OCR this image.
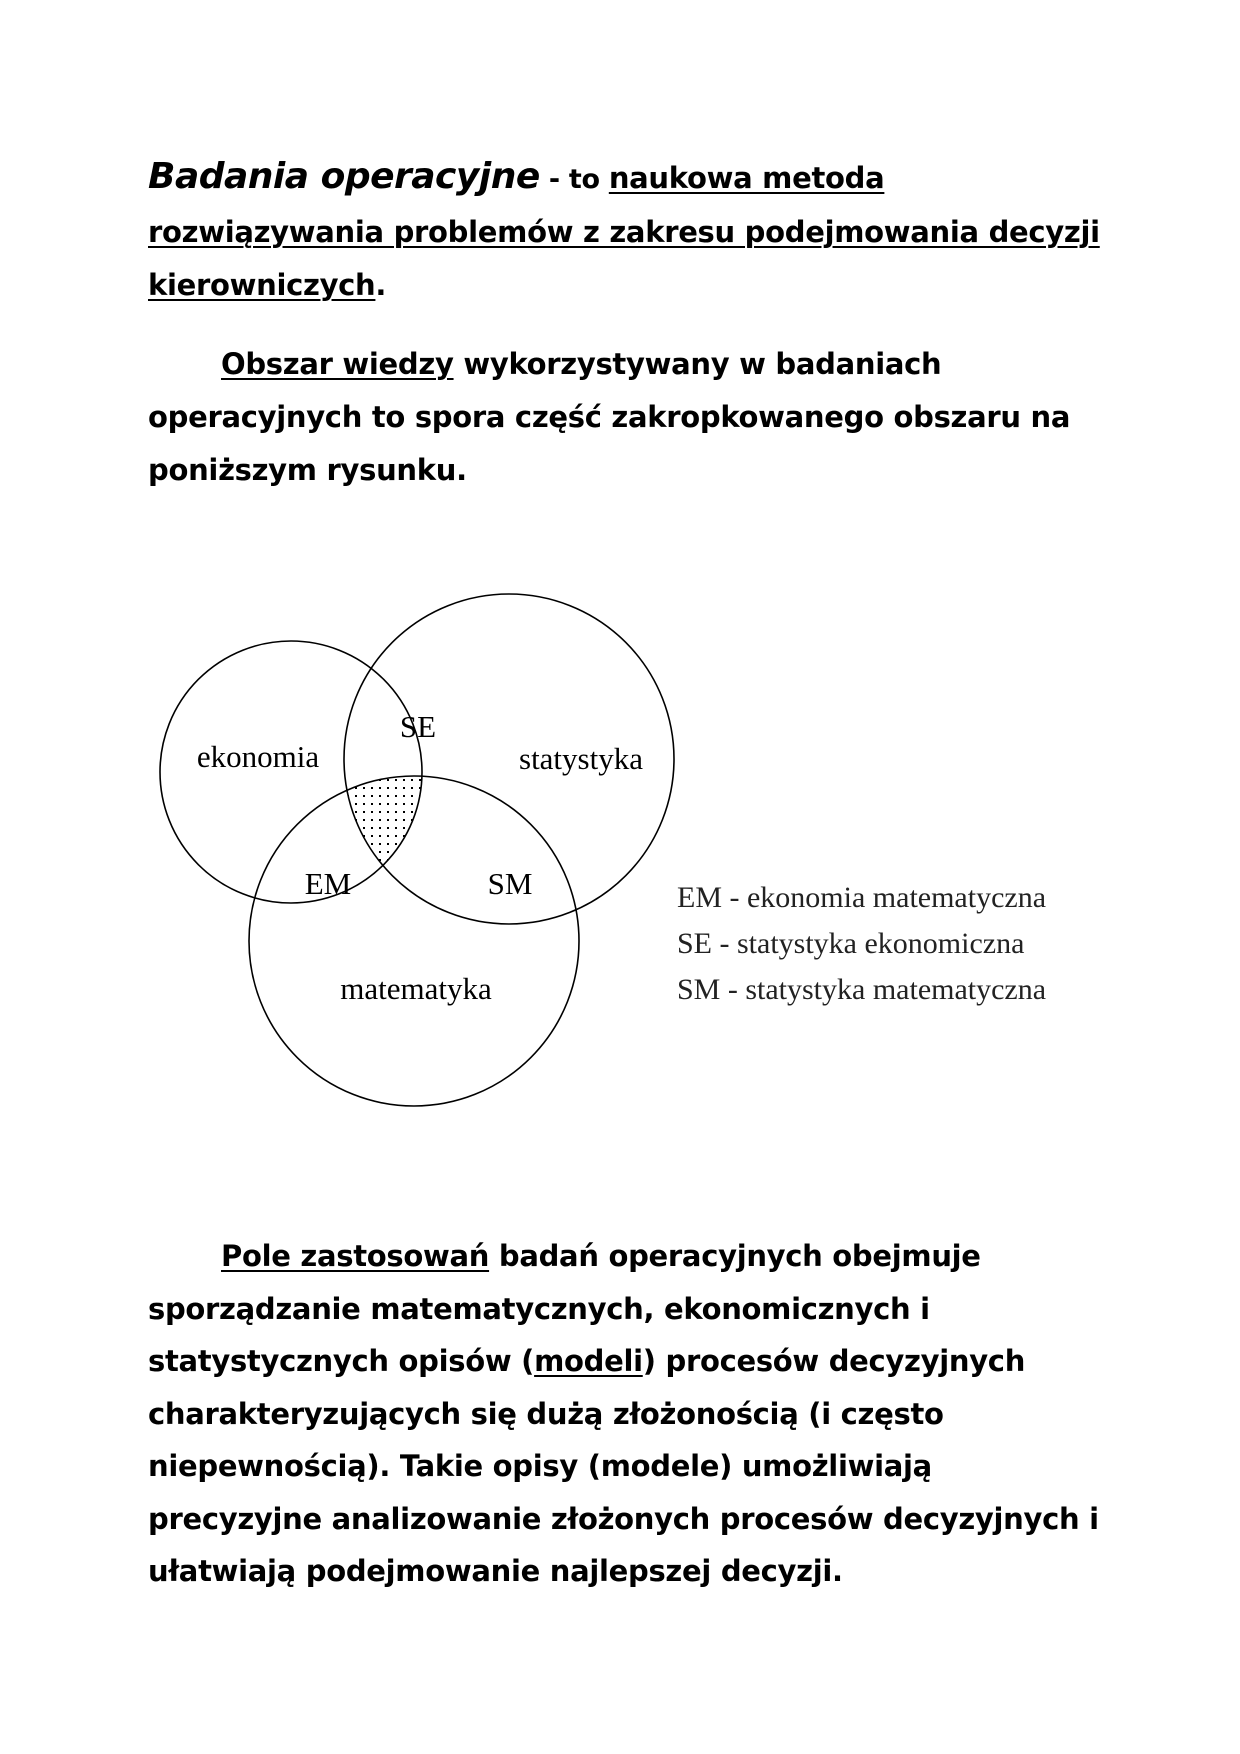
Badania operacyjne - to naukowa metoda rozwiązywania problemów z zakresu podejmowania decyzji kierowniczych.
Obszar wiedzy wykorzystywany w badaniach operacyjnych to spora część zakropkowanego obszaru na poniższym rysunku.
ekonomia	statystyka
matematyka
SE
EM	SM	EM - ekonomia matematyczna
SE - statystyka ekonomiczna
SM - statystyka matematyczna
Pole zastosowań badań operacyjnych obejmuje sporządzanie matematycznych, ekonomicznych i statystycznych opisów (modeli) procesów decyzyjnych charakteryzujących się dużą złożonością (i często niepewnością). Takie opisy (modele) umożliwiają precyzyjne analizowanie złożonych procesów decyzyjnych i ułatwiają podejmowanie najlepszej decyzji.
